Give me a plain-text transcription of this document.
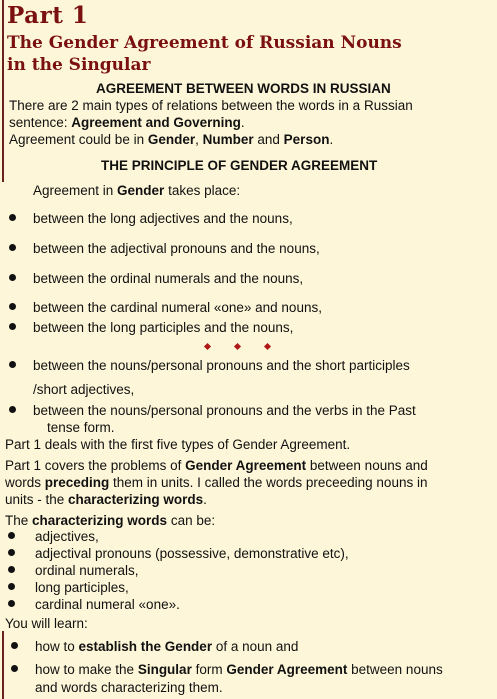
Part 1
The Gender Agreement of Russian Nouns
in the Singular
AGREEMENT BETWEEN WORDS IN RUSSIAN
There are 2 main types of relations between the words in a Russian
sentence: Agreement and Governing.
Agreement could be in Gender, Number and Person.
THE PRINCIPLE OF GENDER AGREEMENT
Agreement in Gender takes place:
between the long adjectives and the nouns,
between the adjectival pronouns and the nouns,
between the ordinal numerals and the nouns,
between the cardinal numeral «one» and nouns,
between the long participles and the nouns,
between the nouns/personal pronouns and the short participles
/short adjectives,
between the nouns/personal pronouns and the verbs in the Past
tense form.
Part 1 deals with the first five types of Gender Agreement.
Part 1 covers the problems of Gender Agreement between nouns and
words preceding them in units. I called the words preceeding nouns in
units - the characterizing words.
The characterizing words can be:
adjectives,
adjectival pronouns (possessive, demonstrative etc),
ordinal numerals,
long participles,
cardinal numeral «one».
You will learn:
how to establish the Gender of a noun and
how to make the Singular form Gender Agreement between nouns
and words characterizing them.
